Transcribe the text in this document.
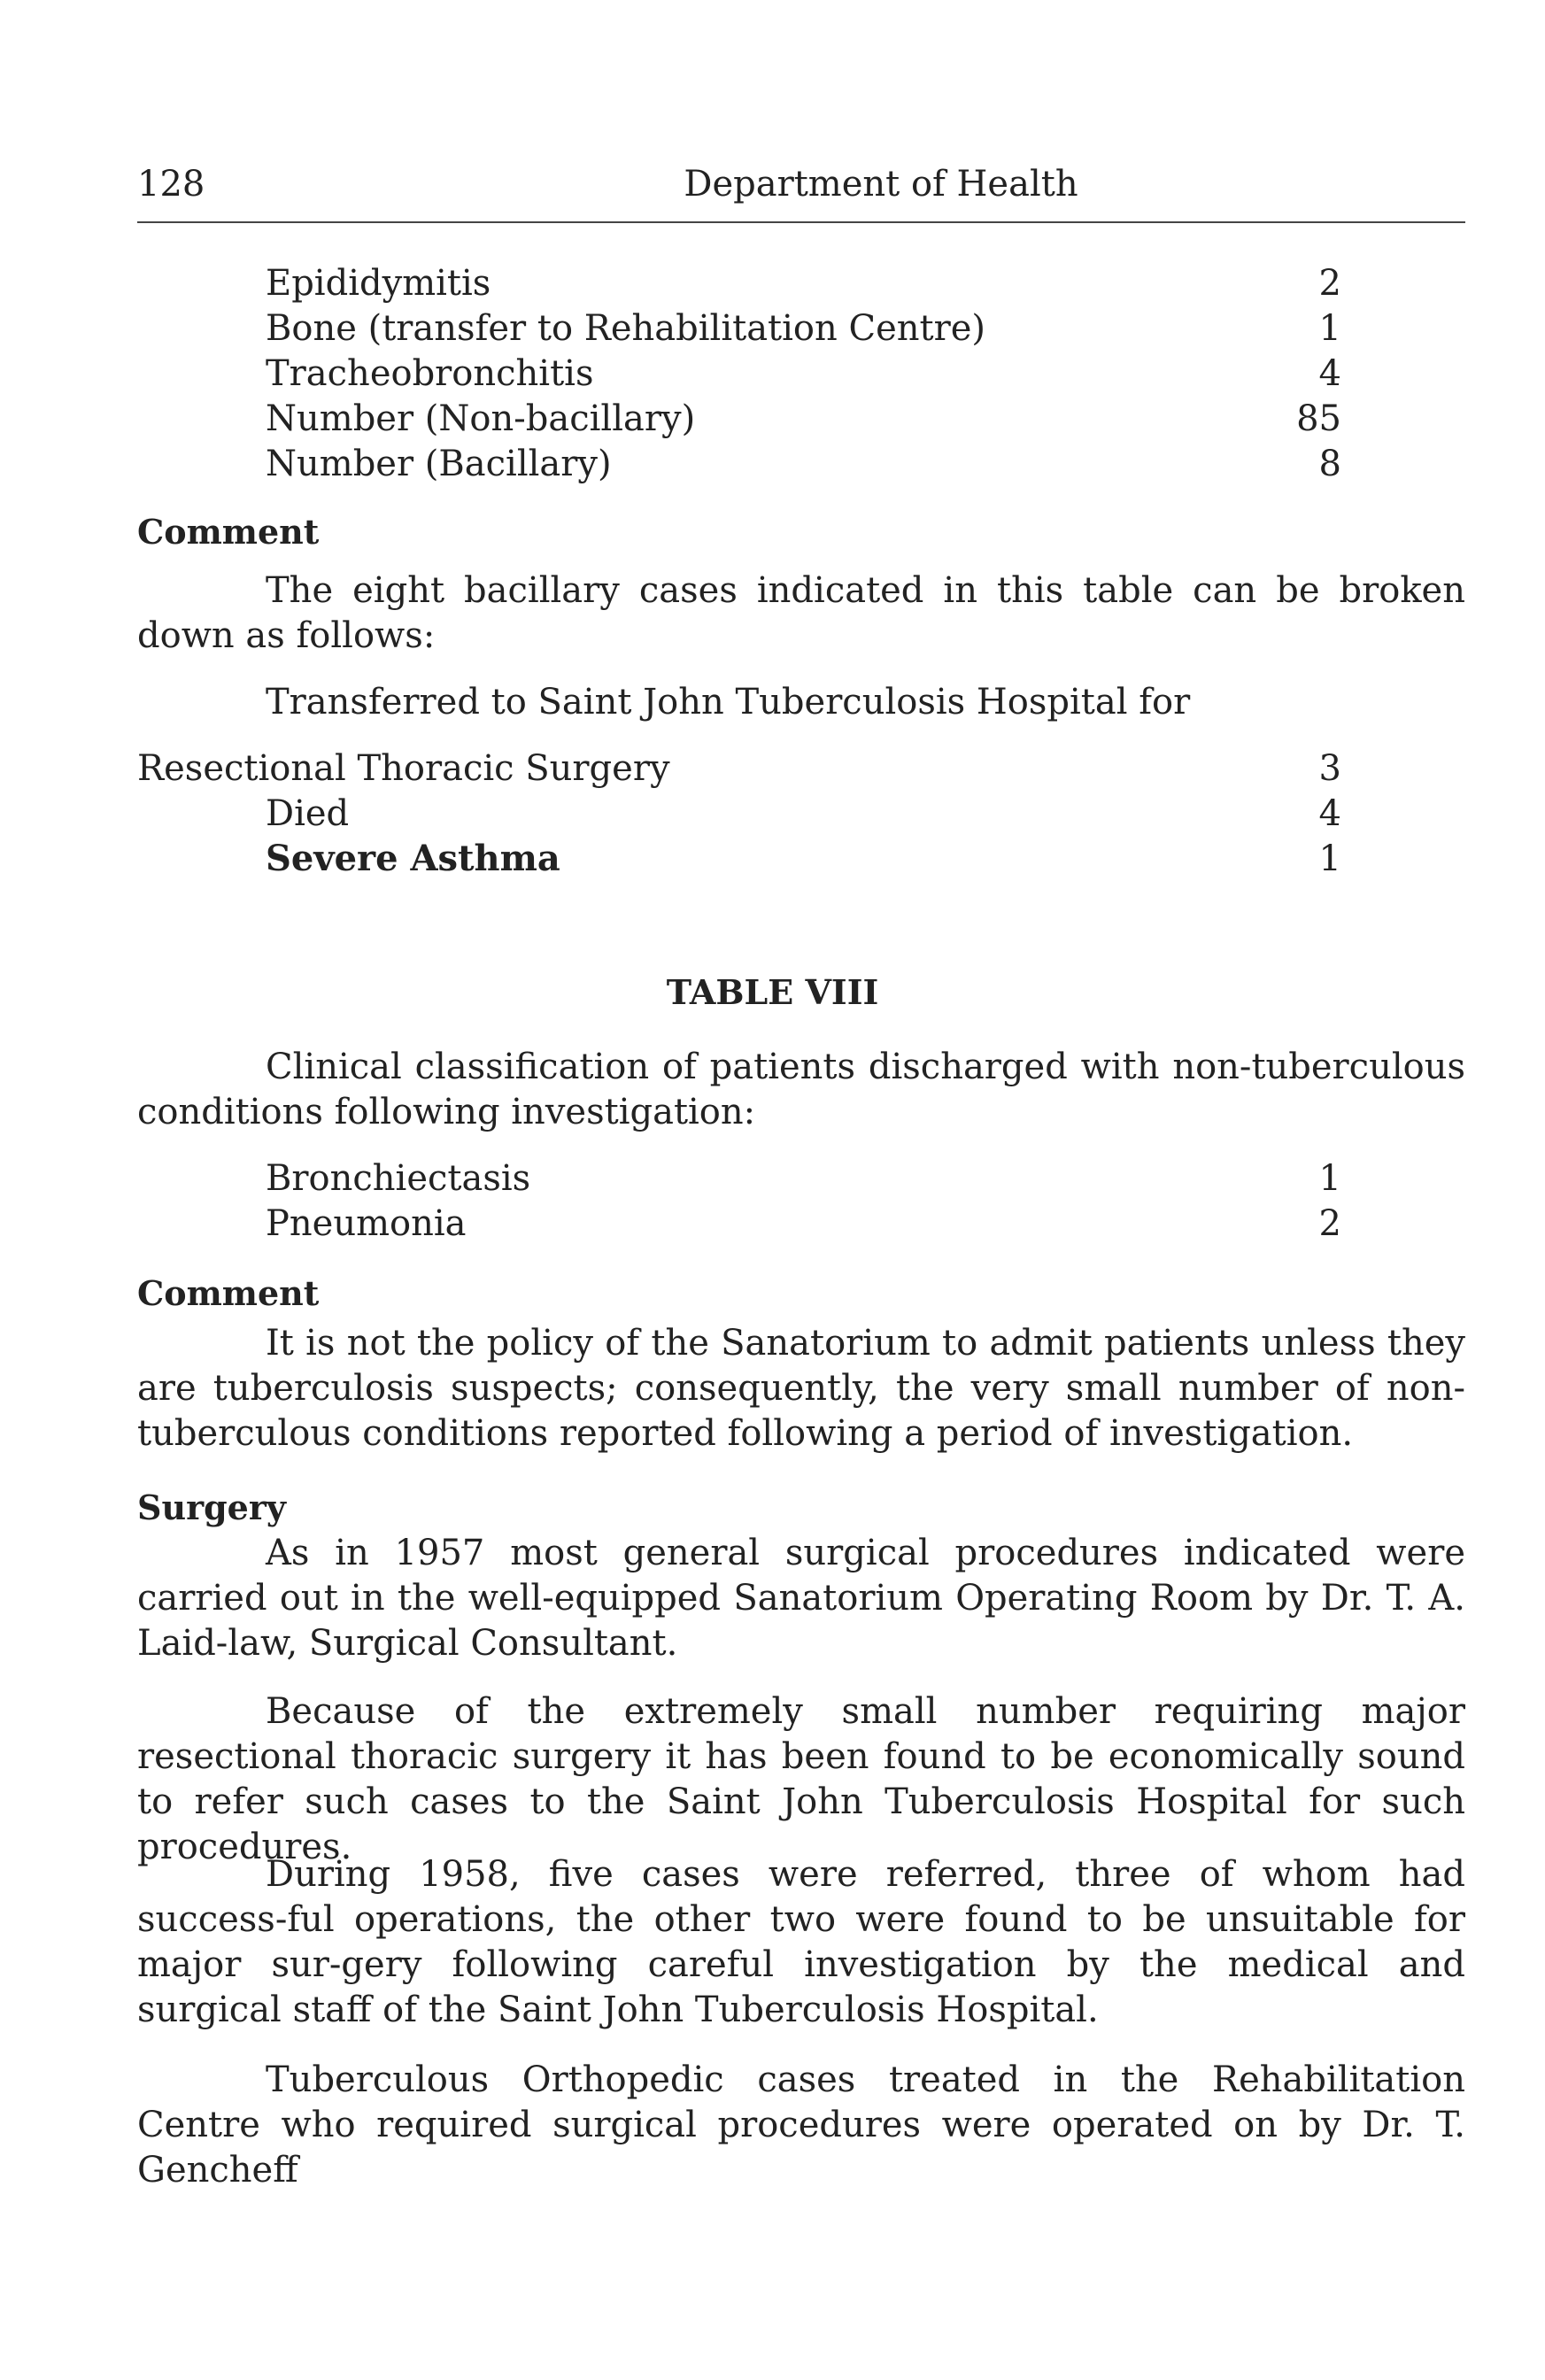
128	Department of Health
Epididymitis	2
Bone (transfer to Rehabilitation Centre)	1
Tracheobronchitis	4
Number (Non-bacillary)	85
Number (Bacillary)	8
Comment
The eight bacillary cases indicated in this table can be broken down as follows:
Transferred to Saint John Tuberculosis Hospital for
Resectional Thoracic Surgery	3
Died	4
Severe Asthma	1
TABLE VIII
Clinical classification of patients discharged with non-tuberculous conditions following investigation:
Bronchiectasis	1
Pneumonia	2
Comment
It is not the policy of the Sanatorium to admit patients unless they are tuberculosis suspects; consequently, the very small number of non-tuberculous conditions reported following a period of investigation.
Surgery
As in 1957 most general surgical procedures indicated were carried out in the well-equipped Sanatorium Operating Room by Dr. T. A. Laid-law, Surgical Consultant.
Because of the extremely small number requiring major resectional thoracic surgery it has been found to be economically sound to refer such cases to the Saint John Tuberculosis Hospital for such procedures.
During 1958, five cases were referred, three of whom had success-ful operations, the other two were found to be unsuitable for major sur-gery following careful investigation by the medical and surgical staff of the Saint John Tuberculosis Hospital.
Tuberculous Orthopedic cases treated in the Rehabilitation Centre who required surgical procedures were operated on by Dr. T. Gencheff
